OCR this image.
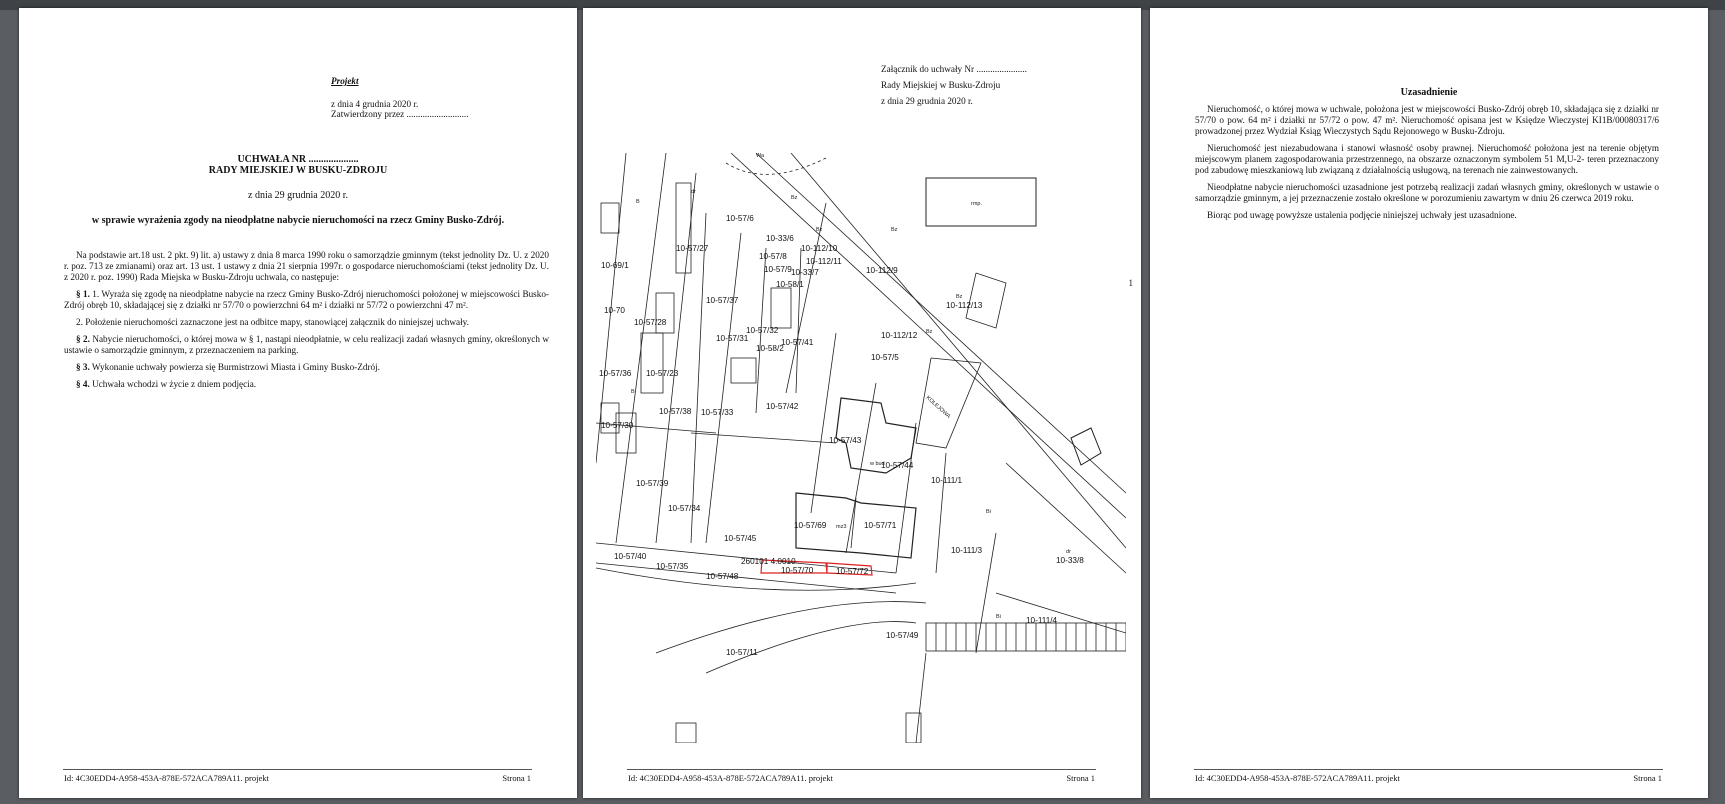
Projekt
z dnia 4 grudnia 2020 r.
Zatwierdzony przez ...........................
UCHWAŁA NR ....................
RADY MIEJSKIEJ W BUSKU-ZDROJU
z dnia 29 grudnia 2020 r.
w sprawie wyrażenia zgody na nieodpłatne nabycie nieruchomości na rzecz Gminy Busko-Zdrój.

Na podstawie art.18 ust. 2 pkt. 9) lit. a) ustawy z dnia 8 marca 1990 roku o samorządzie gminnym (tekst jednolity Dz. U. z 2020 r. poz. 713 ze zmianami) oraz art. 13 ust. 1 ustawy z dnia 21 sierpnia 1997r. o gospodarce nieruchomościami (tekst jednolity Dz. U. z 2020 r. poz. 1990) Rada Miejska w Busku-Zdroju uchwala, co następuje:

§ 1. 1. Wyraża się zgodę na nieodpłatne nabycie na rzecz Gminy Busko-Zdrój nieruchomości położonej w miejscowości Busko-Zdrój obręb 10, składającej się z działki nr 57/70 o powierzchni 64 m² i działki nr 57/72 o powierzchni 47 m².

2. Położenie nieruchomości zaznaczone jest na odbitce mapy, stanowiącej załącznik do niniejszej uchwały.

§ 2. Nabycie nieruchomości, o której mowa w § 1, nastąpi nieodpłatnie, w celu realizacji zadań własnych gminy, określonych w ustawie o samorządzie gminnym, z przeznaczeniem na parking.

§ 3. Wykonanie uchwały powierza się Burmistrzowi Miasta i Gminy Busko-Zdrój.

§ 4. Uchwała wchodzi w życie z dniem podjęcia.

Id: 4C30EDD4-A958-453A-878E-572ACA789A11. projekt	Strona 1
Załącznik do uchwały Nr ......................
Rady Miejskiej w Busku-Zdroju
z dnia 29 grudnia 2020 r.
1
Wa
Bz
Bz	Bz
Bz
Bz
Bi
Bi
dr
dr
B
B
rmp.
10-57/6
10-57/27
10-33/6
10-112/10
10-57/8
10-112/11
10-57/9 10-33/7
10-58/1
10-112/9
10-112/13
10-69/1
10-70
10-57/37
10-57/31
10-57/32
10-57/41
10-58/2
10-112/12
10-57/5
10-57/28
10-57/23
10-57/36
10-57/38 10-57/33
10-57/42
10-57/43
10-57/44
10-57/30
10-57/39
10-57/34
10-111/1
10-57/69	10-57/71
10-57/45
10-111/3
10-57/40
10-57/35
260101 4.0010
10-57/48
10-57/70	10-57/72
10-33/8
10-111/4
10-57/49
10-57/11
mz3
w bud
KOLEJOWA
Id: 4C30EDD4-A958-453A-878E-572ACA789A11. projekt	Strona 1
Uzasadnienie

Nieruchomość, o której mowa w uchwale, położona jest w miejscowości Busko-Zdrój obręb 10, składająca się z działki nr 57/70 o pow. 64 m² i działki nr 57/72 o pow. 47 m². Nieruchomość opisana jest w Księdze Wieczystej KI1B/00080317/6 prowadzonej przez Wydział Ksiąg Wieczystych Sądu Rejonowego w Busku-Zdroju.

Nieruchomość jest niezabudowana i stanowi własność osoby prawnej. Nieruchomość położona jest na terenie objętym miejscowym planem zagospodarowania przestrzennego, na obszarze oznaczonym symbolem 51 M,U-2- teren przeznaczony pod zabudowę mieszkaniową lub związaną z działalnością usługową, na terenach nie zainwestowanych.

Nieodpłatne nabycie nieruchomości uzasadnione jest potrzebą realizacji zadań własnych gminy, określonych w ustawie o samorządzie gminnym, a jej przeznaczenie zostało określone w porozumieniu zawartym w dniu 26 czerwca 2019 roku.

Biorąc pod uwagę powyższe ustalenia podjęcie niniejszej uchwały jest uzasadnione.

Id: 4C30EDD4-A958-453A-878E-572ACA789A11. projekt	Strona 1
